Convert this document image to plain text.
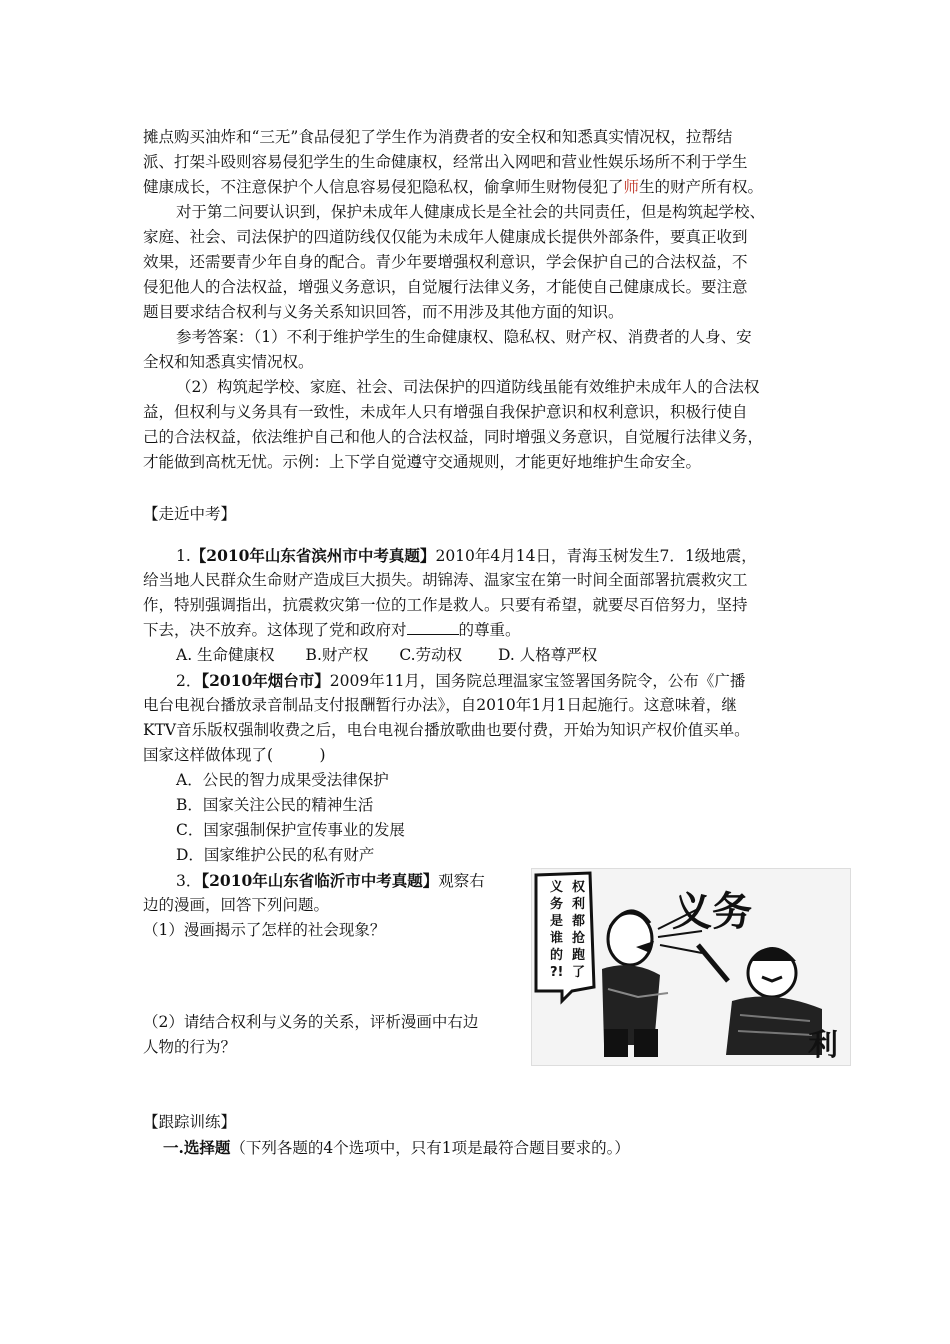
摊点购买油炸和“三无”食品侵犯了学生作为消费者的安全权和知悉真实情况权，拉帮结
派、打架斗殴则容易侵犯学生的生命健康权，经常出入网吧和营业性娱乐场所不利于学生
健康成长，不注意保护个人信息容易侵犯隐私权，偷拿师生财物侵犯了师生的财产所有权。
对于第二问要认识到，保护未成年人健康成长是全社会的共同责任，但是构筑起学校、
家庭、社会、司法保护的四道防线仅仅能为未成年人健康成长提供外部条件，要真正收到
效果，还需要青少年自身的配合。青少年要增强权利意识，学会保护自己的合法权益，不
侵犯他人的合法权益，增强义务意识，自觉履行法律义务，才能使自己健康成长。要注意
题目要求结合权利与义务关系知识回答，而不用涉及其他方面的知识。
参考答案：（1）不利于维护学生的生命健康权、隐私权、财产权、消费者的人身、安
全权和知悉真实情况权。
（2）构筑起学校、家庭、社会、司法保护的四道防线虽能有效维护未成年人的合法权
益，但权利与义务具有一致性，未成年人只有增强自我保护意识和权利意识，积极行使自
己的合法权益，依法维护自己和他人的合法权益，同时增强义务意识，自觉履行法律义务，
才能做到高枕无忧。示例：上下学自觉遵守交通规则，才能更好地维护生命安全。
【走近中考】
1.【2010年山东省滨州市中考真题】2010年4月14日，青海玉树发生7．1级地震，
给当地人民群众生命财产造成巨大损失。胡锦涛、温家宝在第一时间全面部署抗震救灾工
作，特别强调指出，抗震救灾第一位的工作是救人。只要有希望，就要尽百倍努力，坚持
下去，决不放弃。这体现了党和政府对	的尊重。
A. 生命健康权　　B.财产权　　C.劳动权　　 D. 人格尊严权
2．【2010年烟台市】2009年11月，国务院总理温家宝签署国务院令，公布《广播
电台电视台播放录音制品支付报酬暂行办法》，自2010年1月1日起施行。这意味着，继
KTV音乐版权强制收费之后，电台电视台播放歌曲也要付费，开始为知识产权价值买单。
国家这样做体现了(　　　)
A．公民的智力成果受法律保护
B．国家关注公民的精神生活
C．国家强制保护宣传事业的发展
D．国家维护公民的私有财产
3．【2010年山东省临沂市中考真题】观察右
边的漫画，回答下列问题。
（1）漫画揭示了怎样的社会现象？
（2）请结合权利与义务的关系，评析漫画中右边
人物的行为？
权
利
都
抢
跑
了
义
务
是
谁
的
?!
义务
利
【跟踪训练】
一.选择题（下列各题的4个选项中，只有1项是最符合题目要求的。）
